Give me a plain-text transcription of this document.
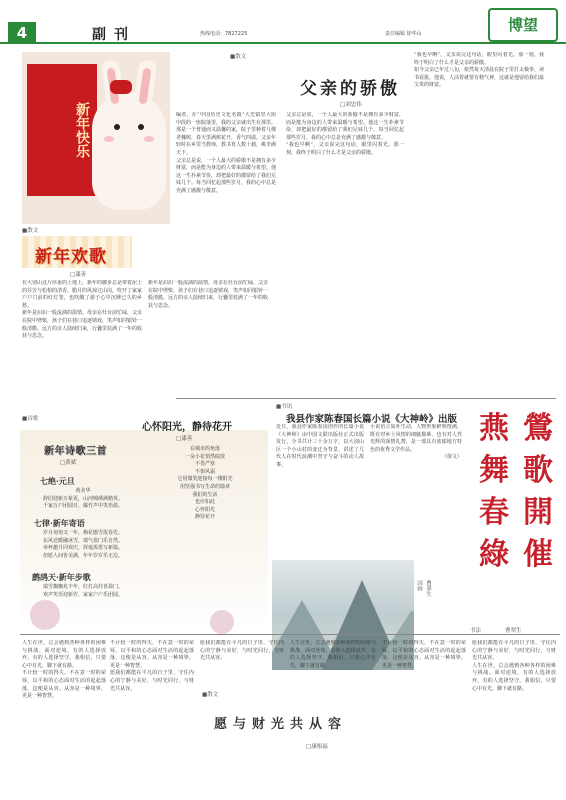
4	副刊	热线电话：7827225	责任编辑 徐华山	博望
新年快乐
■散文
新年欢歌
□漆善

在大别山这片厚重的土地上，新年的脚步总是带着泥土的芬芳与松柏的清香。腊月的风掠过山岗，吹开了家家户户门前的红灯笼，也吹醒了游子心中沉睡已久的乡愁。

新年是汩汩一股流淌的温情。母亲在灶台前忙碌，父亲在院中劈柴，孩子们在巷口追逐嬉戏，笑声如同银铃一般清脆。远方的亲人陆续归来，行囊里装满了一年的收获与思念。

新年是汩汩一股流淌的温情。母亲在灶台前忙碌，父亲在院中劈柴，孩子们在巷口追逐嬉戏，笑声如同银铃一般清脆。远方的亲人陆续归来，行囊里装满了一年的收获与思念。

■散文
父亲的骄傲
□刘忠伟

编者，在“中国历史文化名镇”大光镇里大街中段的一座院落里，我的父亲就出生在那里。那是一个普通而又温馨的家，院子里种着几棵老槐树，春天里满树花开，香气四溢。父亲年轻时在乡里当教师，教书育人数十载，桃李满天下。

父亲总是说，一个人最大的骄傲不是拥有多少财富，而是能为身边的人带来温暖与希望。他这一生朴素节俭，却把最好的都留给了我们兄妹几个。每当回忆起那些岁月，我的心中总是充满了感激与敬意。

父亲总是说，一个人最大的骄傲不是拥有多少财富，而是能为身边的人带来温暖与希望。他这一生朴素节俭，却把最好的都留给了我们兄妹几个。每当回忆起那些岁月，我的心中总是充满了感激与敬意。

“我也早啊”，父亲说完这句话，眼里闪着光。那一刻，我终于明白了什么才是父亲的骄傲。

“我也早啊”，父亲说完这句话，眼里闪着光。那一刻，我终于明白了什么才是父亲的骄傲。

如今父亲已年过八旬，依然每天清晨在院子里打太极拳，读书看报。他说，人活着就要有精气神，这就是他留给我们最宝贵的财富。

■书讯
我县作家陈春国长篇小说《大神岭》出版

近日，我县作家陈春国创作的长篇小说《大神岭》由中国文联出版社正式出版发行。全书共计三十余万字，以大别山区一个小山村的变迁为背景，讲述了几代人在时代浪潮中坚守与奋斗的动人故事。

小说语言质朴生动，人物形象鲜明饱满，既有对乡土风情的细腻描摹，也有对人性光辉的深情礼赞，是一部具有浓郁地方特色的优秀文学作品。

（徐文）

鶯歌
開催
燕舞
春綠
书法	曹翠生
国画 曹翠生
■诗歌
新年诗歌三首
□黄斌
七绝·元旦
黄美华
辞旧迎新万象更，山河锦绣满精英。
千家万户团圆日，爆竹声中笑语盈。
七律·新年寄语
岁月匆匆又一年，梅花傲雪报春先。
东风送暖融冰雪，瑞气盈门乐自然。
举杯邀月同欢庆，挥毫泼墨写新篇。
但愿人间皆美满，年年岁岁乐无边。
鹧鸪天·新年步歌
瑞雪飘飘兆丰年，红灯高挂喜盈门。
欢声笑语迎新岁，家家户户乐团圆。
心怀阳光，静待花开
□漆善
在城市的角落
一朵小花悄然绽放
不畏严寒
不惧风霜
它用微笑迎接每一缕阳光
用坚强书写生命的篇章
我们的生活
也应如此
心怀阳光
静待花开

人生在世，总会遇到各种各样的困难与挑战。面对逆境，有的人选择放弃，有的人选择坚守。我相信，只要心中有光，脚下就有路。

不计较一时的得失，不在意一时的荣辱，以平和的心态面对生活的起起落落，这便是从容。从容是一种境界，更是一种智慧。

不计较一时的得失，不在意一时的荣辱，以平和的心态面对生活的起起落落，这便是从容。从容是一种境界，更是一种智慧。

愿我们都能在平凡的日子里，守住内心的宁静与美好，与时光同行，与财光共从容。

■散文
愿与财光共从容
□康根福

愿我们都能在平凡的日子里，守住内心的宁静与美好，与时光同行，与财光共从容。

人生在世，总会遇到各种各样的困难与挑战。面对逆境，有的人选择放弃，有的人选择坚守。我相信，只要心中有光，脚下就有路。

不计较一时的得失，不在意一时的荣辱，以平和的心态面对生活的起起落落，这便是从容。从容是一种境界，更是一种智慧。

愿我们都能在平凡的日子里，守住内心的宁静与美好，与时光同行，与财光共从容。

人生在世，总会遇到各种各样的困难与挑战。面对逆境，有的人选择放弃，有的人选择坚守。我相信，只要心中有光，脚下就有路。
